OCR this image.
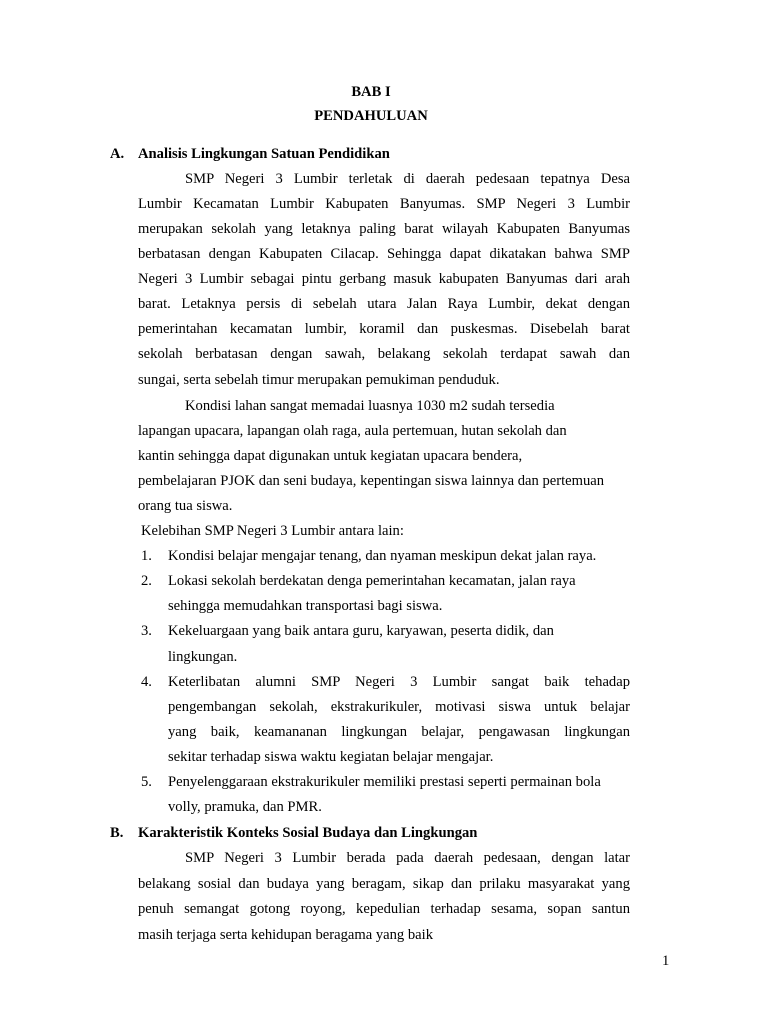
BAB I
PENDAHULUAN
A. Analisis Lingkungan Satuan Pendidikan
SMP Negeri 3 Lumbir terletak di daerah pedesaan tepatnya Desa
Lumbir Kecamatan Lumbir Kabupaten Banyumas. SMP Negeri 3 Lumbir
merupakan sekolah yang letaknya paling barat wilayah Kabupaten Banyumas
berbatasan dengan Kabupaten Cilacap. Sehingga dapat dikatakan bahwa SMP
Negeri 3 Lumbir sebagai pintu gerbang masuk kabupaten Banyumas dari arah
barat. Letaknya persis di sebelah utara Jalan Raya Lumbir, dekat dengan
pemerintahan kecamatan lumbir, koramil dan puskesmas. Disebelah barat
sekolah berbatasan dengan sawah, belakang sekolah terdapat sawah dan
sungai, serta sebelah timur merupakan pemukiman penduduk.
Kondisi lahan sangat memadai luasnya 1030 m2 sudah tersedia
lapangan upacara, lapangan olah raga, aula pertemuan, hutan sekolah dan
kantin sehingga dapat digunakan untuk kegiatan upacara bendera,
pembelajaran PJOK dan seni budaya, kepentingan siswa lainnya dan pertemuan
orang tua siswa.
Kelebihan SMP Negeri 3 Lumbir antara lain:
1. Kondisi belajar mengajar tenang, dan nyaman meskipun dekat jalan raya.
2. Lokasi sekolah berdekatan denga pemerintahan kecamatan, jalan raya
sehingga memudahkan transportasi bagi siswa.
3. Kekeluargaan yang baik antara guru, karyawan, peserta didik, dan
lingkungan.
4. Keterlibatan alumni SMP Negeri 3 Lumbir sangat baik tehadap
pengembangan sekolah, ekstrakurikuler, motivasi siswa untuk belajar
yang baik, keamananan lingkungan belajar, pengawasan lingkungan
sekitar terhadap siswa waktu kegiatan belajar mengajar.
5. Penyelenggaraan ekstrakurikuler memiliki prestasi seperti permainan bola
volly, pramuka, dan PMR.
B. Karakteristik Konteks Sosial Budaya dan Lingkungan
SMP Negeri 3 Lumbir berada pada daerah pedesaan, dengan latar
belakang sosial dan budaya yang beragam, sikap dan prilaku masyarakat yang
penuh semangat gotong royong, kepedulian terhadap sesama, sopan santun
masih terjaga serta kehidupan beragama yang baik
1
